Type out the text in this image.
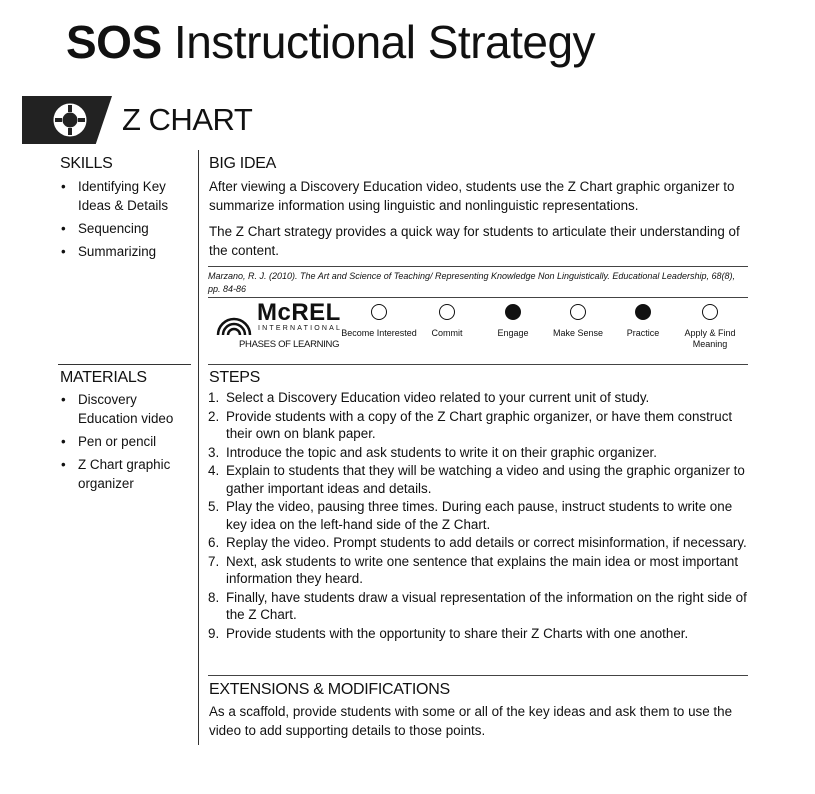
SOS Instructional Strategy
Z CHART
SKILLS
• Identifying Key Ideas & Details
• Sequencing
• Summarizing
MATERIALS
• Discovery Education video
• Pen or pencil
• Z Chart graphic organizer
BIG IDEA
After viewing a Discovery Education video, students use the Z Chart graphic organizer to summarize information using linguistic and nonlinguistic representations.
The Z Chart strategy provides a quick way for students to articulate their understanding of the content.
Marzano, R. J. (2010). The Art and Science of Teaching/ Representing Knowledge Non Linguistically. Educational Leadership, 68(8), pp. 84-86
McREL
INTERNATIONAL
PHASES OF LEARNING
Become Interested	Commit	Engage	Make Sense	Practice	Apply & Find Meaning
STEPS
1. Select a Discovery Education video related to your current unit of study.
2. Provide students with a copy of the Z Chart graphic organizer, or have them construct their own on blank paper.
3. Introduce the topic and ask students to write it on their graphic organizer.
4. Explain to students that they will be watching a video and using the graphic organizer to gather important ideas and details.
5. Play the video, pausing three times. During each pause, instruct students to write one key idea on the left-hand side of the Z Chart.
6. Replay the video. Prompt students to add details or correct misinformation, if necessary.
7. Next, ask students to write one sentence that explains the main idea or most important information they heard.
8. Finally, have students draw a visual representation of the information on the right side of the Z Chart.
9. Provide students with the opportunity to share their Z Charts with one another.
EXTENSIONS & MODIFICATIONS
As a scaffold, provide students with some or all of the key ideas and ask them to use the video to add supporting details to those points.
